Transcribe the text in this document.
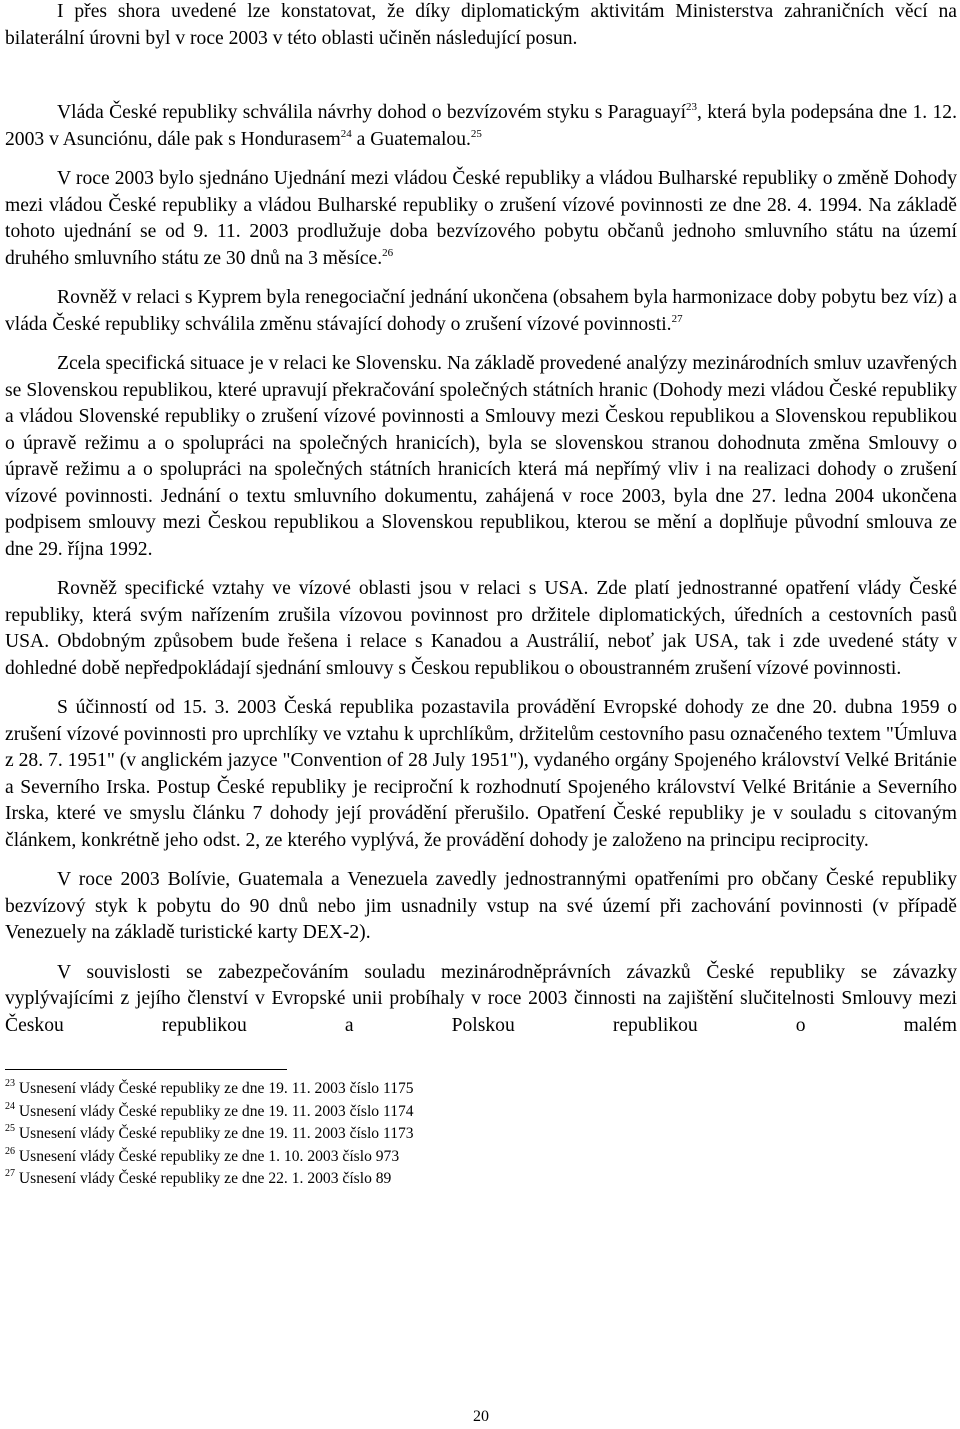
I přes shora uvedené lze konstatovat, že díky diplomatickým aktivitám Ministerstva zahraničních věcí na bilaterální úrovni byl v roce 2003 v této oblasti učiněn následující posun.

Vláda České republiky schválila návrhy dohod o bezvízovém styku s Paraguayí$^{23}$, která byla podepsána dne 1. 12. 2003 v Asunciónu, dále pak s Hondurasem$^{24}$ a Guatemalou.$^{25}$

V roce 2003 bylo sjednáno Ujednání mezi vládou České republiky a vládou Bulharské republiky o změně Dohody mezi vládou České republiky a vládou Bulharské republiky o zrušení vízové povinnosti ze dne 28. 4. 1994. Na základě tohoto ujednání se od 9. 11. 2003 prodlužuje doba bezvízového pobytu občanů jednoho smluvního státu na území druhého smluvního státu ze 30 dnů na 3 měsíce.$^{26}$

Rovněž v relaci s Kyprem byla renegociační jednání ukončena (obsahem byla harmonizace doby pobytu bez víz) a vláda České republiky schválila změnu stávající dohody o zrušení vízové povinnosti.$^{27}$

Zcela specifická situace je v relaci ke Slovensku. Na základě provedené analýzy mezinárodních smluv uzavřených se Slovenskou republikou, které upravují překračování společných státních hranic (Dohody mezi vládou České republiky a vládou Slovenské republiky o zrušení vízové povinnosti a Smlouvy mezi Českou republikou a Slovenskou republikou o úpravě režimu a o spolupráci na společných hranicích), byla se slovenskou stranou dohodnuta změna Smlouvy o úpravě režimu a o spolupráci na společných státních hranicích která má nepřímý vliv i na realizaci dohody o zrušení vízové povinnosti. Jednání o textu smluvního dokumentu, zahájená v roce 2003, byla dne 27. ledna 2004 ukončena podpisem smlouvy mezi Českou republikou a Slovenskou republikou, kterou se mění a doplňuje původní smlouva ze dne 29. října 1992.

Rovněž specifické vztahy ve vízové oblasti jsou v relaci s USA. Zde platí jednostranné opatření vlády České republiky, která svým nařízením zrušila vízovou povinnost pro držitele diplomatických, úředních a cestovních pasů USA. Obdobným způsobem bude řešena i relace s Kanadou a Austrálií, neboť jak USA, tak i zde uvedené státy v dohledné době nepředpokládají sjednání smlouvy s Českou republikou o oboustranném zrušení vízové povinnosti.

S účinností od 15. 3. 2003 Česká republika pozastavila provádění Evropské dohody ze dne 20. dubna 1959 o zrušení vízové povinnosti pro uprchlíky ve vztahu k uprchlíkům, držitelům cestovního pasu označeného textem "Úmluva z 28. 7. 1951" (v anglickém jazyce "Convention of 28 July 1951"), vydaného orgány Spojeného království Velké Británie a Severního Irska. Postup České republiky je reciproční k rozhodnutí Spojeného království Velké Británie a Severního Irska, které ve smyslu článku 7 dohody její provádění přerušilo. Opatření České republiky je v souladu s citovaným článkem, konkrétně jeho odst. 2, ze kterého vyplývá, že provádění dohody je založeno na principu reciprocity.

V roce 2003 Bolívie, Guatemala a Venezuela zavedly jednostrannými opatřeními pro občany České republiky bezvízový styk k pobytu do 90 dnů nebo jim usnadnily vstup na své území při zachování povinnosti (v případě Venezuely na základě turistické karty DEX-2).

V souvislosti se zabezpečováním souladu mezinárodněprávních závazků České republiky se závazky vyplývajícími z jejího členství v Evropské unii probíhaly v roce 2003 činnosti na zajištění slučitelnosti Smlouvy mezi Českou republikou a Polskou republikou o malém

$^{23}$ Usnesení vlády České republiky ze dne 19. 11. 2003 číslo 1175

$^{24}$ Usnesení vlády České republiky ze dne 19. 11. 2003 číslo 1174

$^{25}$ Usnesení vlády České republiky ze dne 19. 11. 2003 číslo 1173

$^{26}$ Usnesení vlády České republiky ze dne 1. 10. 2003 číslo 973

$^{27}$ Usnesení vlády České republiky ze dne 22. 1. 2003 číslo 89

20
